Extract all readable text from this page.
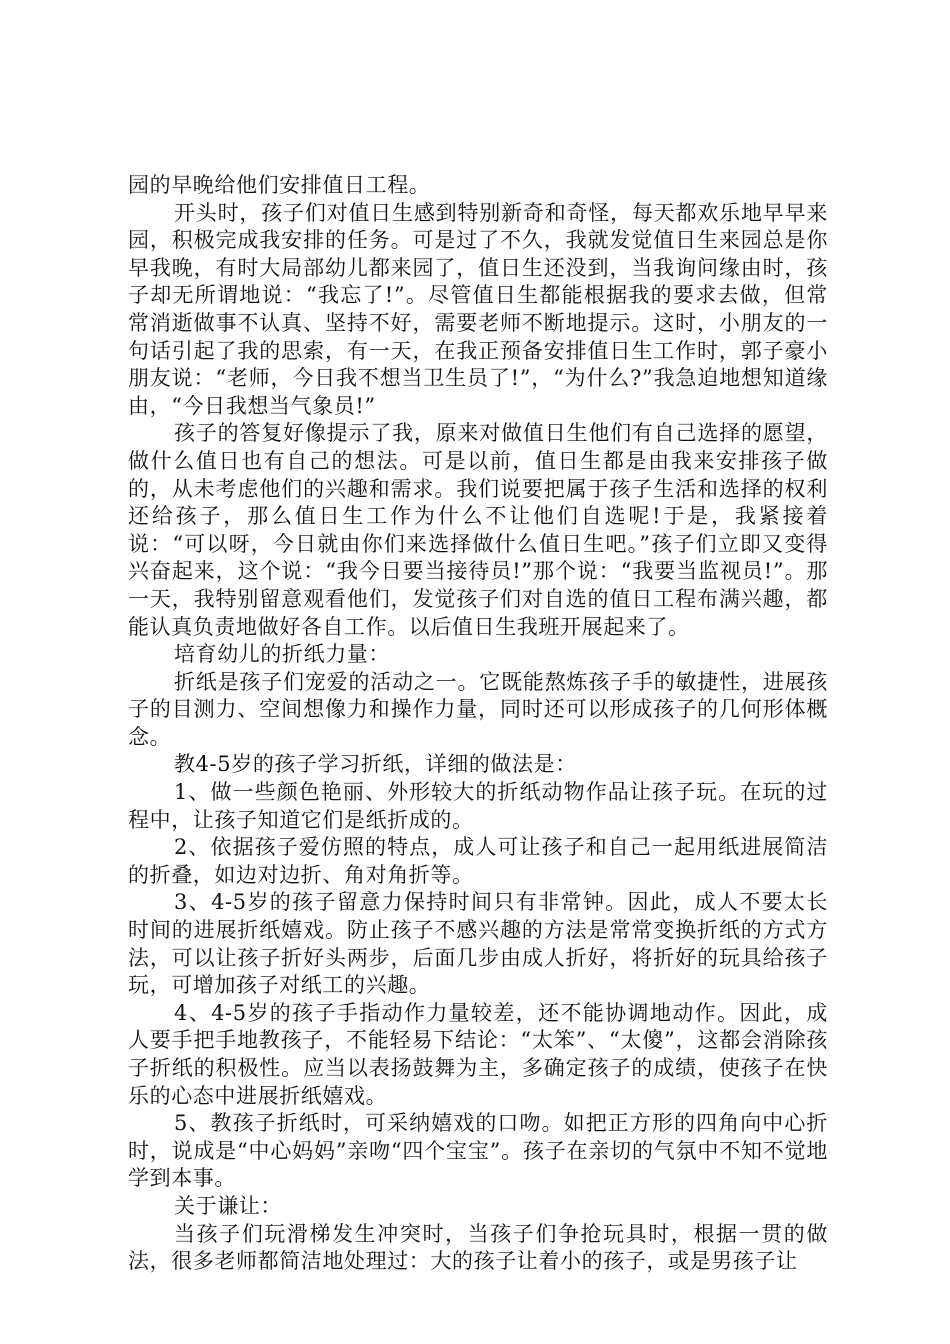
园的早晚给他们安排值日工程。

开头时，孩子们对值日生感到特别新奇和奇怪，每天都欢乐地早早来园，积极完成我安排的任务。可是过了不久，我就发觉值日生来园总是你早我晚，有时大局部幼儿都来园了，值日生还没到，当我询问缘由时，孩子却无所谓地说：“我忘了!”。尽管值日生都能根据我的要求去做，但常常消逝做事不认真、坚持不好，需要老师不断地提示。这时，小朋友的一句话引起了我的思索，有一天，在我正预备安排值日生工作时，郭子豪小朋友说：“老师，今日我不想当卫生员了!”，“为什么?”我急迫地想知道缘由，“今日我想当气象员!”

孩子的答复好像提示了我，原来对做值日生他们有自己选择的愿望，做什么值日也有自己的想法。可是以前，值日生都是由我来安排孩子做的，从未考虑他们的兴趣和需求。我们说要把属于孩子生活和选择的权利还给孩子，那么值日生工作为什么不让他们自选呢!于是，我紧接着说：“可以呀，今日就由你们来选择做什么值日生吧。”孩子们立即又变得兴奋起来，这个说：“我今日要当接待员!”那个说：“我要当监视员!”。那一天，我特别留意观看他们，发觉孩子们对自选的值日工程布满兴趣，都能认真负责地做好各自工作。以后值日生我班开展起来了。

培育幼儿的折纸力量：

折纸是孩子们宠爱的活动之一。它既能熬炼孩子手的敏捷性，进展孩子的目测力、空间想像力和操作力量，同时还可以形成孩子的几何形体概念。

教4-5岁的孩子学习折纸，详细的做法是：

1、做一些颜色艳丽、外形较大的折纸动物作品让孩子玩。在玩的过程中，让孩子知道它们是纸折成的。

2、依据孩子爱仿照的特点，成人可让孩子和自己一起用纸进展简洁的折叠，如边对边折、角对角折等。

3、4-5岁的孩子留意力保持时间只有非常钟。因此，成人不要太长时间的进展折纸嬉戏。防止孩子不感兴趣的方法是常常变换折纸的方式方法，可以让孩子折好头两步，后面几步由成人折好，将折好的玩具给孩子玩，可增加孩子对纸工的兴趣。

4、4-5岁的孩子手指动作力量较差，还不能协调地动作。因此，成人要手把手地教孩子，不能轻易下结论：“太笨”、“太傻”，这都会消除孩子折纸的积极性。应当以表扬鼓舞为主，多确定孩子的成绩，使孩子在快乐的心态中进展折纸嬉戏。

5、教孩子折纸时，可采纳嬉戏的口吻。如把正方形的四角向中心折时，说成是“中心妈妈”亲吻“四个宝宝”。孩子在亲切的气氛中不知不觉地学到本事。

关于谦让：

当孩子们玩滑梯发生冲突时，当孩子们争抢玩具时，根据一贯的做法，很多老师都简洁地处理过：大的孩子让着小的孩子，或是男孩子让
